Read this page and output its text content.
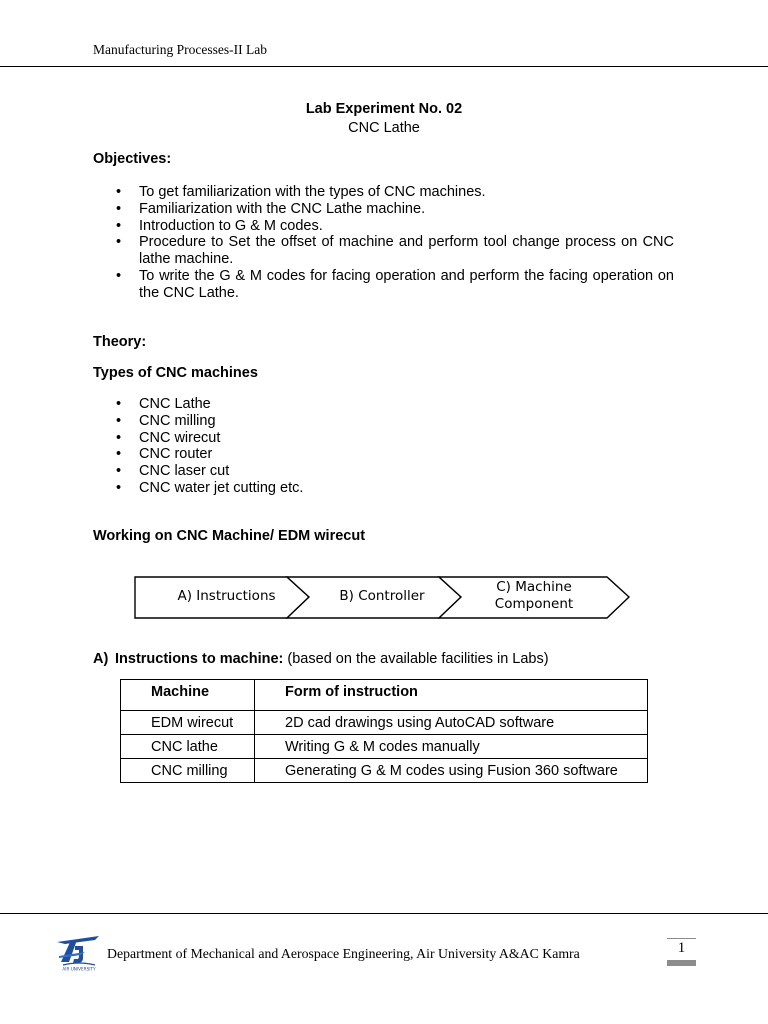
Manufacturing Processes-II Lab
Lab Experiment No. 02
CNC Lathe
Objectives:
• To get familiarization with the types of CNC machines.
• Familiarization with the CNC Lathe machine.
• Introduction to G & M codes.
• Procedure to Set the offset of machine and perform tool change process on CNC lathe machine.
• To write the G & M codes for facing operation and perform the facing operation on the CNC Lathe.
Theory:
Types of CNC machines
• CNC Lathe
• CNC milling
• CNC wirecut
• CNC router
• CNC laser cut
• CNC water jet cutting etc.
Working on CNC Machine/ EDM wirecut
A) Instructions	B) Controller
C) Machine
Component
A) Instructions to machine: (based on the available facilities in Labs)
Machine	Form of instruction
EDM wirecut	2D cad drawings using AutoCAD software
CNC lathe	Writing G & M codes manually
CNC milling	Generating G & M codes using Fusion 360 software
AIR UNIVERSITY
Department of Mechanical and Aerospace Engineering, Air University A&AC Kamra	1
